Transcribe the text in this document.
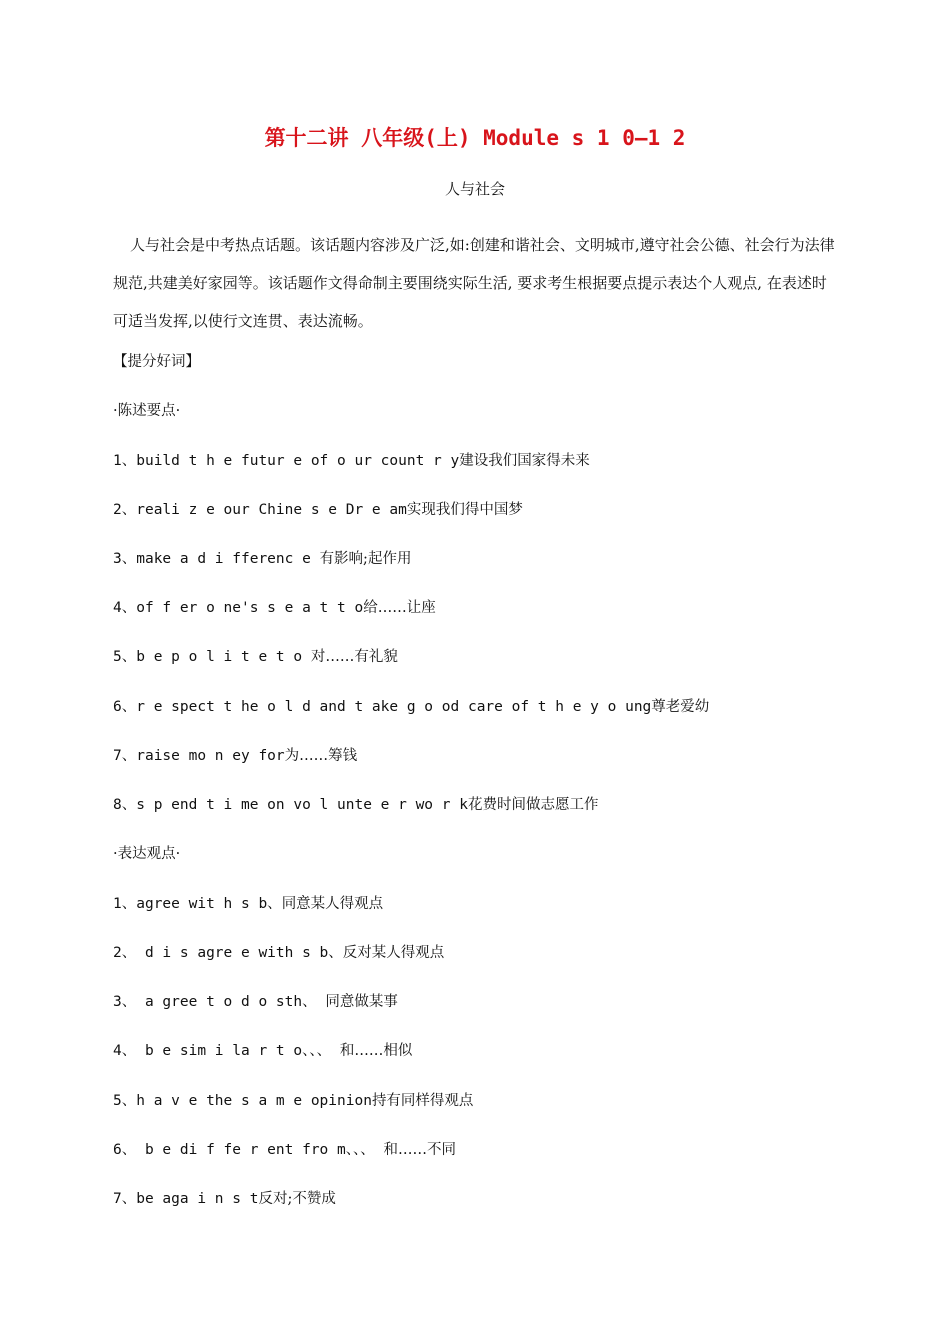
第十二讲 八年级(上) Module s 1 0—1 2
人与社会

人与社会是中考热点话题。该话题内容涉及广泛,如:创建和谐社会、文明城市,遵守社会公德、社会行为法律规范,共建美好家园等。该话题作文得命制主要围绕实际生活, 要求考生根据要点提示表达个人观点, 在表述时可适当发挥,以使行文连贯、表达流畅。

【提分好词】
·陈述要点·
1、build t h e futur e of o ur count r y建设我们国家得未来
2、reali z e our Chine s e Dr e am实现我们得中国梦
3、make a d i fferenc e 有影响;起作用
4、of f er o ne's s e a t t o给……让座
5、b e p o l i t e t o 对……有礼貌
6、r e spect t he o l d and t ake g o od care of t h e y o ung尊老爱幼
7、raise mo n ey for为……筹钱
8、s p end t i me on vo l unte e r wo r k花费时间做志愿工作
·表达观点·
1、agree wit h s b、同意某人得观点
2、 d i s agre e with s b、反对某人得观点
3、 a gree t o d o sth、 同意做某事
4、 b e sim i la r t o、、、 和……相似
5、h a v e the s a m e opinion持有同样得观点
6、 b e di f fe r ent fro m、、、 和……不同
7、be aga i n s t反对;不赞成
